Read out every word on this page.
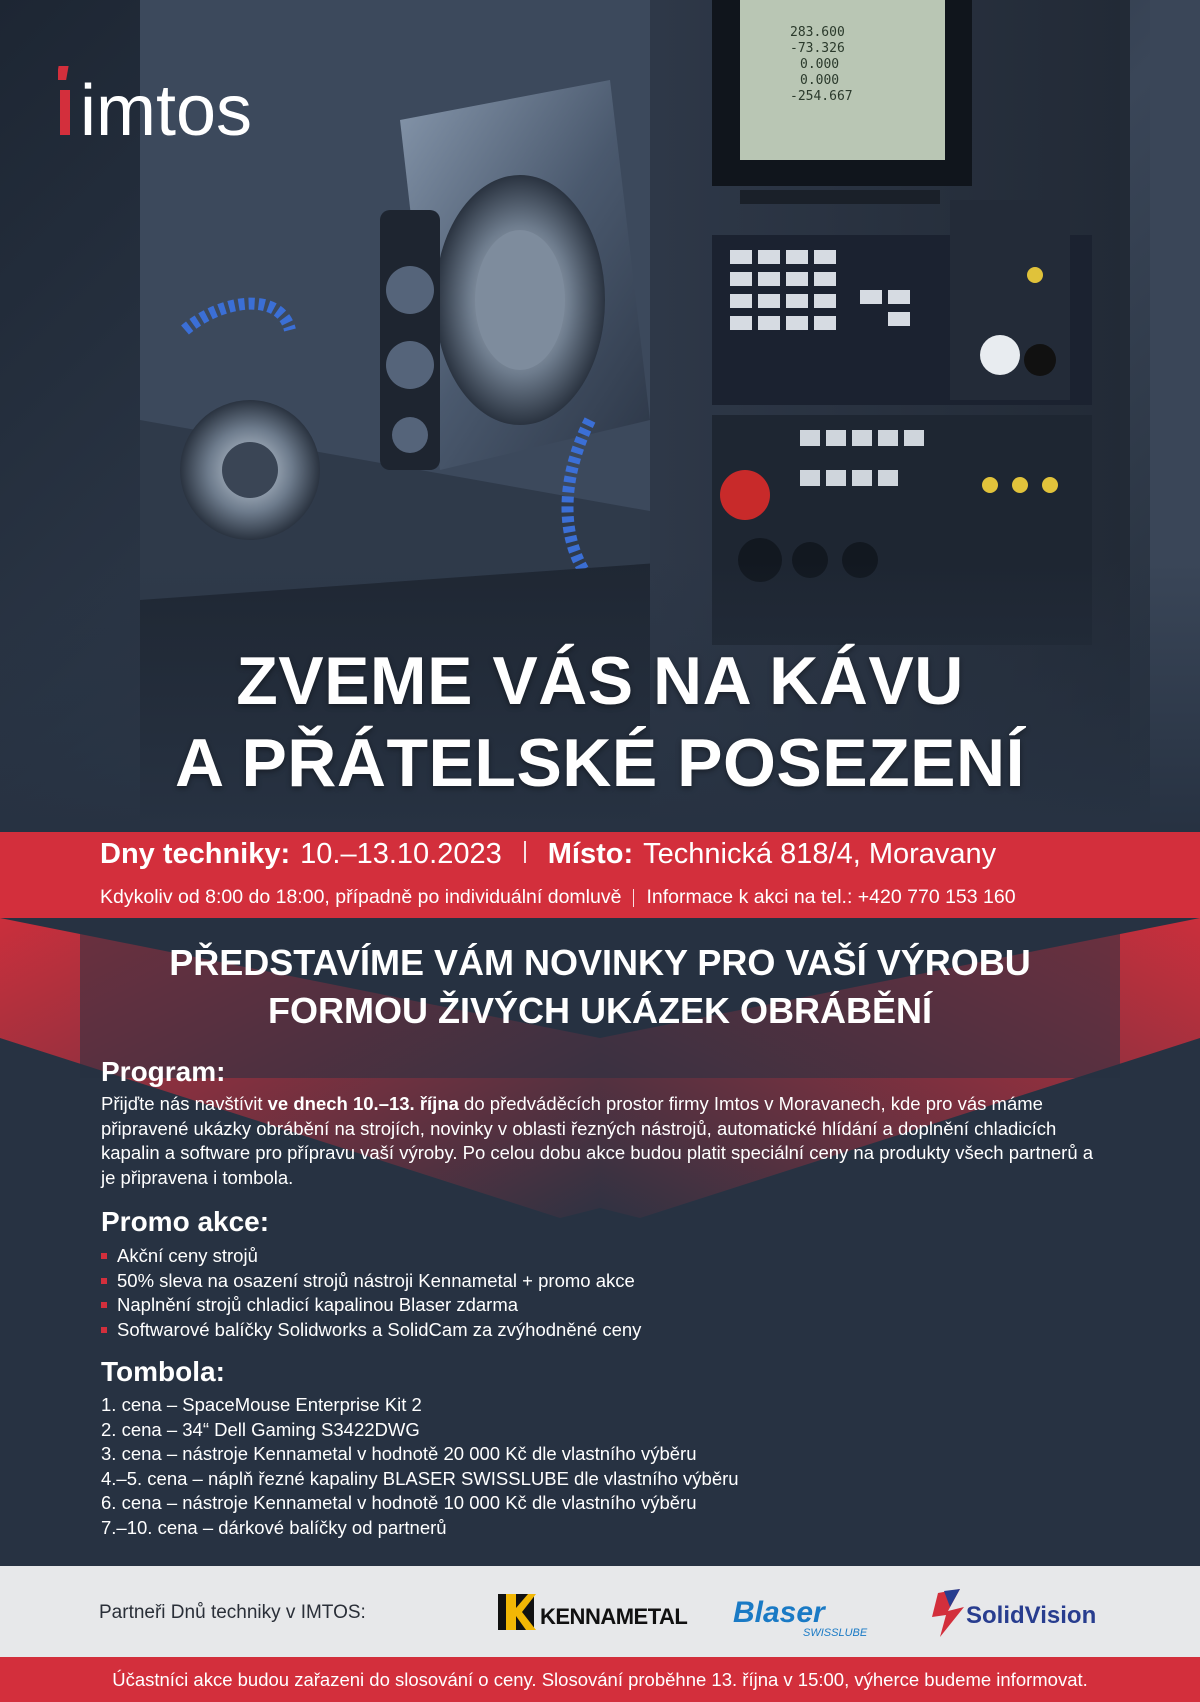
283.600
-73.326
0.000
0.000
-254.667
imtos
ZVEME VÁS NA KÁVU
A PŘÁTELSKÉ POSEZENÍ
Dny techniky: 10.–13.10.2023 Místo: Technická 818/4, Moravany
Kdykoliv od 8:00 do 18:00, případně po individuální domluvě Informace k akci na tel.: +420 770 153 160
PŘEDSTAVÍME VÁM NOVINKY PRO VAŠÍ VÝROBU
FORMOU ŽIVÝCH UKÁZEK OBRÁBĚNÍ
Program:

Přijďte nás navštívit ve dnech 10.–13. října do předváděcích prostor firmy Imtos v Moravanech, kde pro vás máme připravené ukázky obrábění na strojích, novinky v oblasti řezných nástrojů, automatické hlídání a doplnění chladicích kapalin a software pro přípravu vaší výroby. Po celou dobu akce budou platit speciální ceny na produkty všech partnerů a je připravena i tombola.

Promo akce:
Akční ceny strojů
50% sleva na osazení strojů nástroji Kennametal + promo akce
Naplnění strojů chladicí kapalinou Blaser zdarma
Softwarové balíčky Solidworks a SolidCam za zvýhodněné ceny
Tombola:
1. cena – SpaceMouse Enterprise Kit 2
2. cena – 34“ Dell Gaming S3422DWG
3. cena – nástroje Kennametal v hodnotě 20 000 Kč dle vlastního výběru
4.–5. cena – náplň řezné kapaliny BLASER SWISSLUBE dle vlastního výběru
6. cena – nástroje Kennametal v hodnotě 10 000 Kč dle vlastního výběru
7.–10. cena – dárkové balíčky od partnerů
Partneři Dnů techniky v IMTOS:	KENNAMETAL Blaser
SWISSLUBE
SolidVision
Účastníci akce budou zařazeni do slosování o ceny. Slosování proběhne 13. října v 15:00, výherce budeme informovat.
